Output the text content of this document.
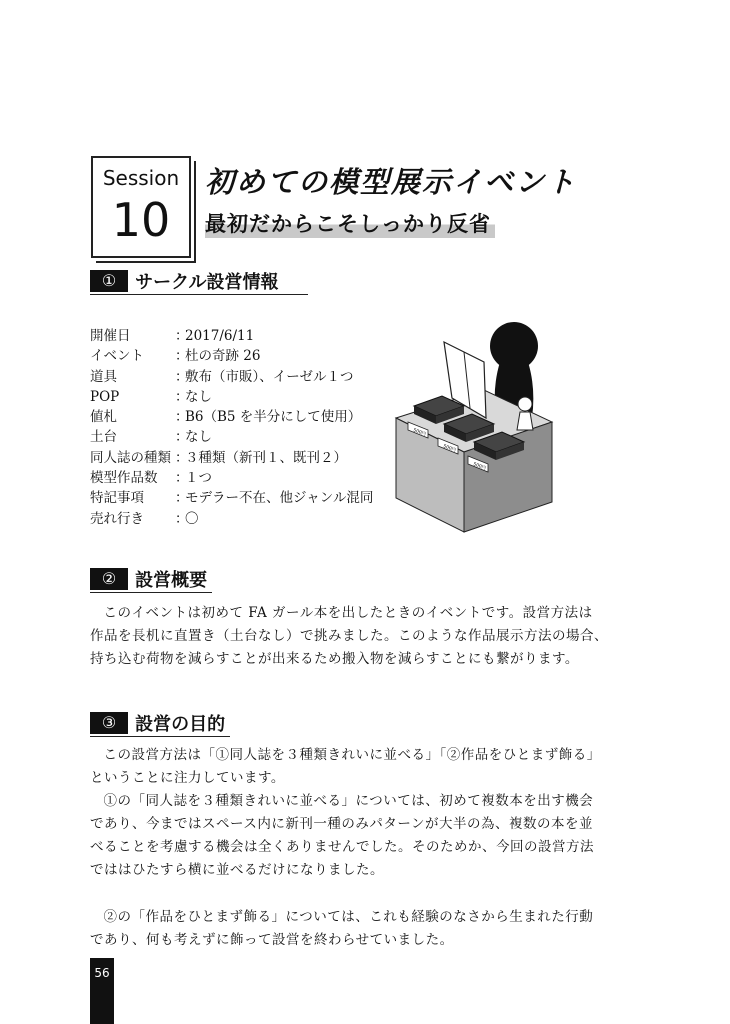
Session
10
初めての模型展示イベント
最初だからこそしっかり反省
① サークル設営情報
開催日	：
2017/6/11
イベント	：
杜の奇跡 26
道具	：
敷布（市販）、イーゼル１つ
POP	：
なし
値札	：
B6（B5 を半分にして使用）
土台	：
なし
同人誌の種類 ：
３種類（新刊１、既刊２）
模型作品数	：
１つ
特記事項	：
モデラー不在、他ジャンル混同
売れ行き	：
〇
500円
500円
500円
② 設営概要

このイベントは初めて FA ガール本を出したときのイベントです。設営方法は

作品を長机に直置き（土台なし）で挑みました。このような作品展示方法の場合、
持ち込む荷物を減らすことが出来るため搬入物を減らすことにも繋がります。
③ 設営の目的

この設営方法は「①同人誌を３種類きれいに並べる」「②作品をひとまず飾る」

ということに注力しています。

①の「同人誌を３種類きれいに並べる」については、初めて複数本を出す機会

であり、今まではスペース内に新刊一種のみパターンが大半の為、複数の本を並
べることを考慮する機会は全くありませんでした。そのためか、今回の設営方法
でははひたすら横に並べるだけになりました。

②の「作品をひとまず飾る」については、これも経験のなさから生まれた行動

であり、何も考えずに飾って設営を終わらせていました。
56
